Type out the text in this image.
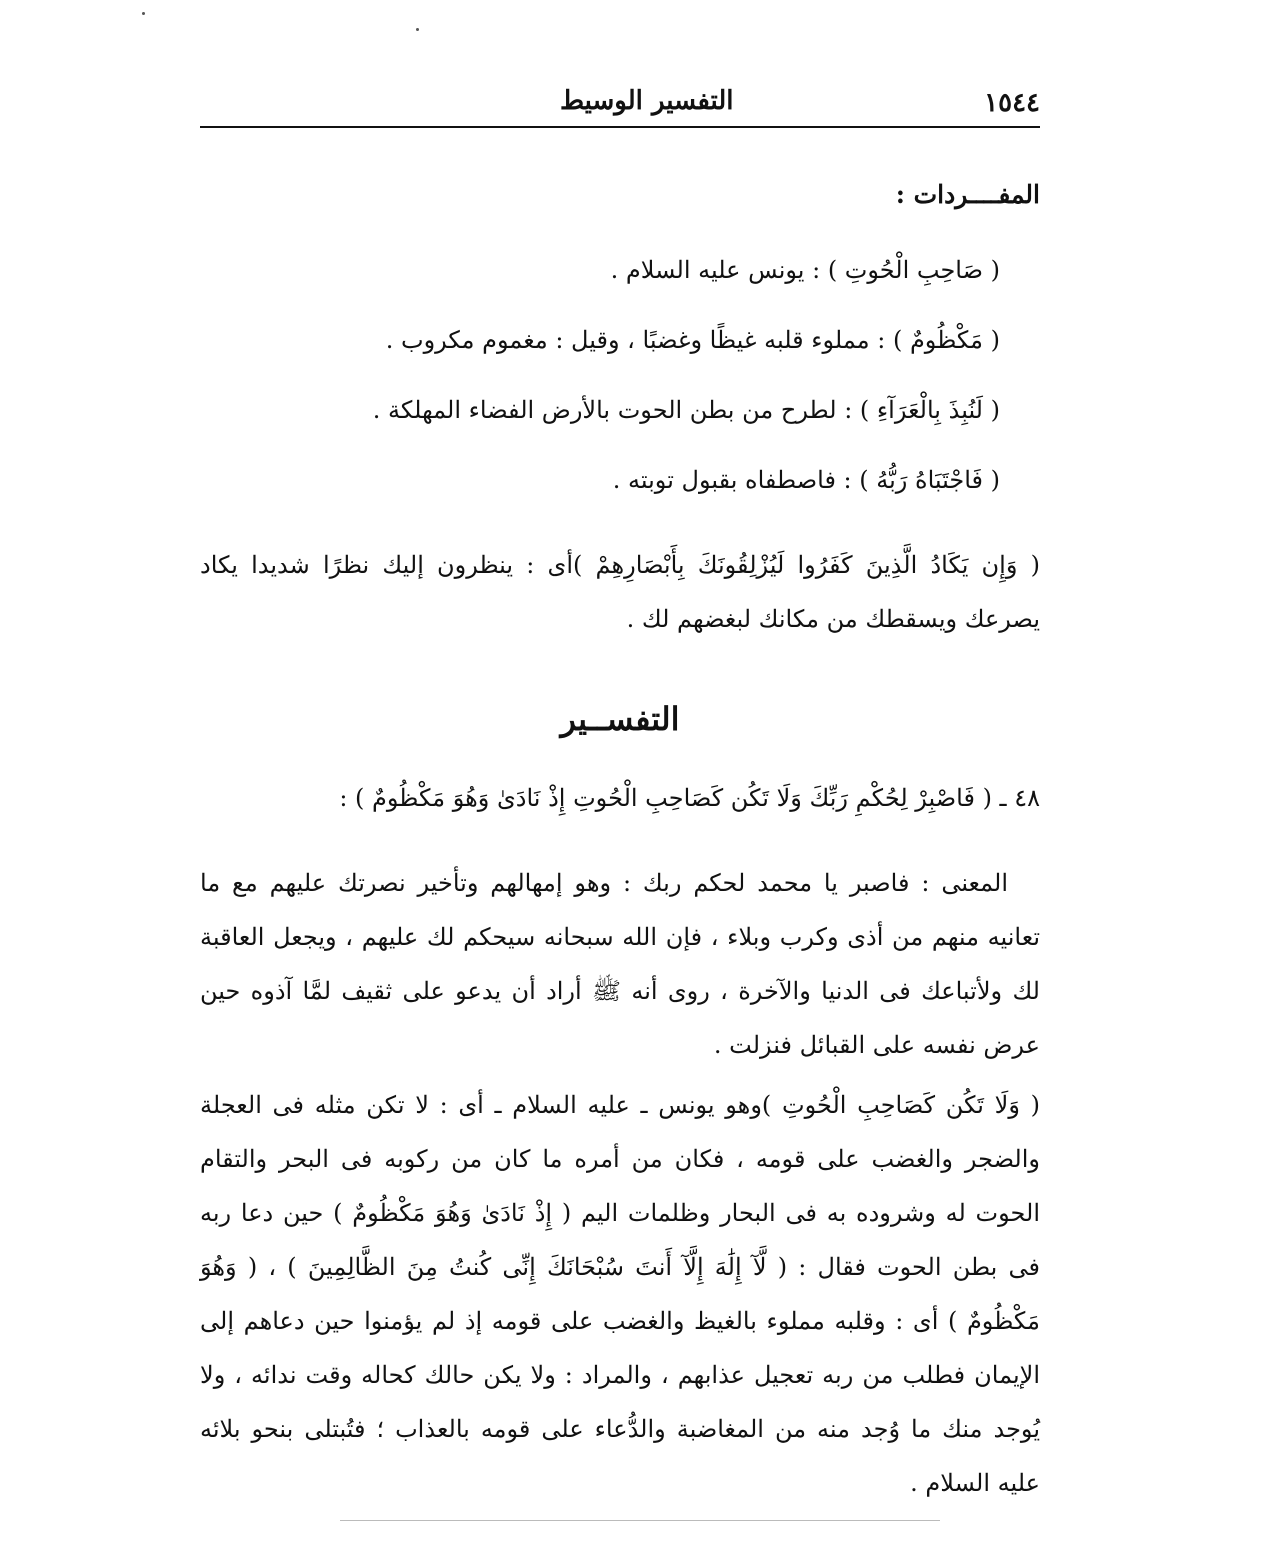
التفسير الوسيط	١٥٤٤
المفــــردات :
( صَاحِبِ الْحُوتِ ) : يونس عليه السلام .
( مَكْظُومٌ ) : مملوء قلبه غيظًا وغضبًا ، وقيل : مغموم مكروب .
( لَنُبِذَ بِالْعَرَآءِ ) : لطرح من بطن الحوت بالأرض الفضاء المهلكة .
( فَاجْتَبَاهُ رَبُّهُ ) : فاصطفاه بقبول توبته .

( وَإِن يَكَادُ الَّذِينَ كَفَرُوا لَيُزْلِقُونَكَ بِأَبْصَارِهِمْ )أى : ينظرون إليك نظرًا شديدا يكاد يصرعك ويسقطك من مكانك لبغضهم لك .

التفســير
٤٨ ـ ( فَاصْبِرْ لِحُكْمِ رَبِّكَ وَلَا تَكُن كَصَاحِبِ الْحُوتِ إِذْ نَادَىٰ وَهُوَ مَكْظُومٌ ) :

المعنى : فاصبر يا محمد لحكم ربك : وهو إمهالهم وتأخير نصرتك عليهم مع ما تعانيه منهم من أذى وكرب وبلاء ، فإن الله سبحانه سيحكم لك عليهم ، ويجعل العاقبة لك ولأتباعك فى الدنيا والآخرة ، روى أنه ﷺ أراد أن يدعو على ثقيف لمَّا آذوه حين عرض نفسه على القبائل فنزلت .

( وَلَا تَكُن كَصَاحِبِ الْحُوتِ )وهو يونس ـ عليه السلام ـ أى : لا تكن مثله فى العجلة والضجر والغضب على قومه ، فكان من أمره ما كان من ركوبه فى البحر والتقام الحوت له وشروده به فى البحار وظلمات اليم ( إِذْ نَادَىٰ وَهُوَ مَكْظُومٌ ) حين دعا ربه فى بطن الحوت فقال : ( لَّآ إِلَٰهَ إِلَّآ أَنتَ سُبْحَانَكَ إِنِّى كُنتُ مِنَ الظَّالِمِينَ ) ، ( وَهُوَ مَكْظُومٌ ) أى : وقلبه مملوء بالغيظ والغضب على قومه إذ لم يؤمنوا حين دعاهم إلى الإيمان فطلب من ربه تعجيل عذابهم ، والمراد : ولا يكن حالك كحاله وقت ندائه ، ولا يُوجد منك ما وُجد منه من المغاضبة والدُّعاء على قومه بالعذاب ؛ فتُبتلى بنحو بلائه عليه السلام .
